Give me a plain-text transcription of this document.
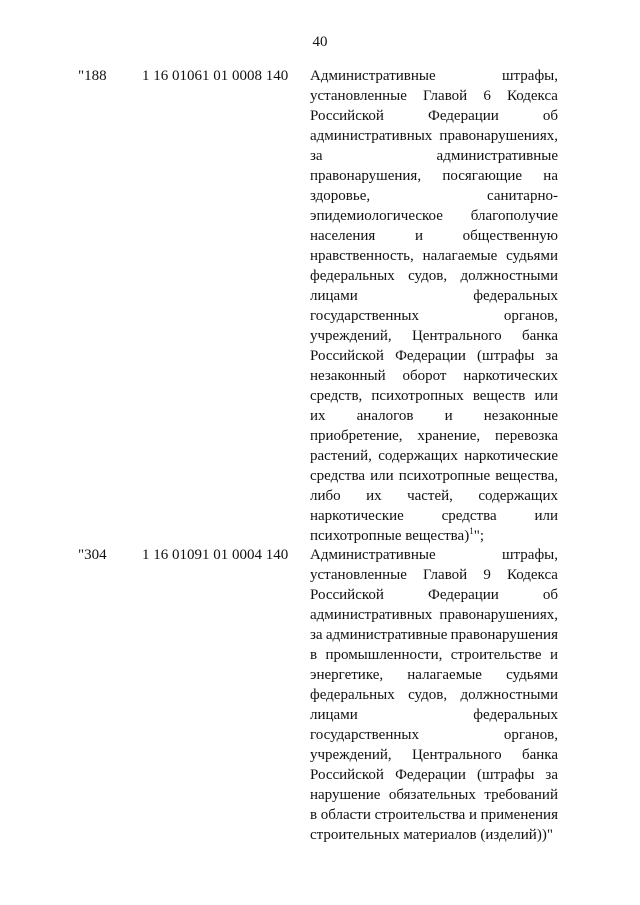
40
"188 1 16 01061 01 0008 140 Административные	штрафы,
установленные Главой 6 Кодекса
Российской	Федерации	об
административных правонарушениях,
за	административные
правонарушения, посягающие на
здоровье,	санитарно-
эпидемиологическое благополучие
населения	и	общественную
нравственность, налагаемые судьями
федеральных судов, должностными
лицами	федеральных
государственных	органов,
учреждений, Центрального банка
Российской Федерации (штрафы за
незаконный оборот наркотических
средств, психотропных веществ или
их аналогов и незаконные
приобретение, хранение, перевозка
растений, содержащих наркотические
средства или психотропные вещества,
либо их частей, содержащих
наркотические	средства	или
психотропные вещества)$^1$";
"304 1 16 01091 01 0004 140 Административные	штрафы,
установленные Главой 9 Кодекса
Российской	Федерации	об
административных правонарушениях,
за административные правонарушения
в промышленности, строительстве и
энергетике, налагаемые судьями
федеральных судов, должностными
лицами	федеральных
государственных	органов,
учреждений, Центрального банка
Российской Федерации (штрафы за
нарушение обязательных требований
в области строительства и применения
строительных материалов (изделий))"
